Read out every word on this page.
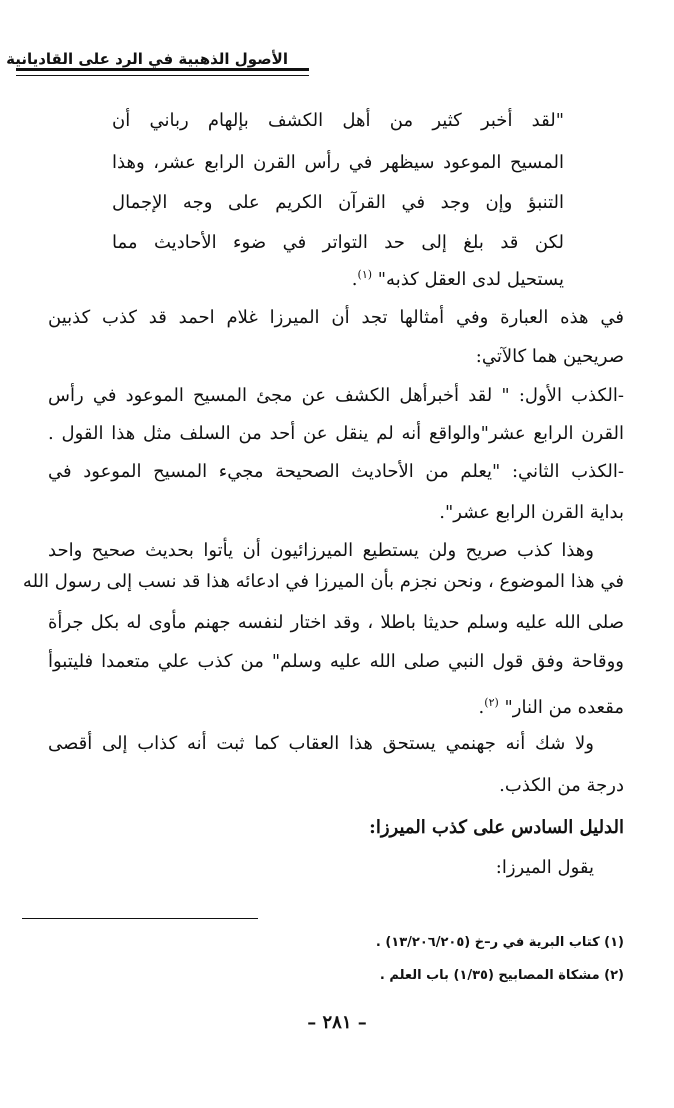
الأصول الذهبية في الرد على القاديانية
"لقد أخبر كثير من أهل الكشف بإلهام رباني أن
المسيح الموعود سيظهر في رأس القرن الرابع عشر، وهذا
التنبؤ وإن وجد في القرآن الكريم على وجه الإجمال
لكن قد بلغ إلى حد التواتر في ضوء الأحاديث مما
يستحيل لدى العقل كذبه" $^{(١)}$.
في هذه العبارة وفي أمثالها تجد أن الميرزا غلام احمد قد كذب كذبين
صريحين هما كالآتي:
-الكذب الأول: " لقد أخبرأهل الكشف عن مجئ المسيح الموعود في رأس
القرن الرابع عشر"والواقع أنه لم ينقل عن أحد من السلف مثل هذا القول .
-الكذب الثاني: "يعلم من الأحاديث الصحيحة مجيء المسيح الموعود في
بداية القرن الرابع عشر".
وهذا كذب صريح ولن يستطيع الميرزائيون أن يأتوا بحديث صحيح واحد
في هذا الموضوع ، ونحن نجزم بأن الميرزا في ادعائه هذا قد نسب إلى رسول الله
صلى الله عليه وسلم حديثا باطلا ، وقد اختار لنفسه جهنم مأوى له بكل جرأة
ووقاحة وفق قول النبي صلى الله عليه وسلم" من كذب علي متعمدا فليتبوأ
مقعده من النار" $^{(٢)}$.
ولا شك أنه جهنمي يستحق هذا العقاب كما ثبت أنه كذاب إلى أقصى
درجة من الكذب.
الدليل السادس على كذب الميرزا:
يقول الميرزا:
(١) كتاب البرية في ر–خ (١٣/٢٠٦/٢٠٥) .
(٢) مشكاة المصابيح (١/٣٥) باب العلم .
– ٢٨١ –
